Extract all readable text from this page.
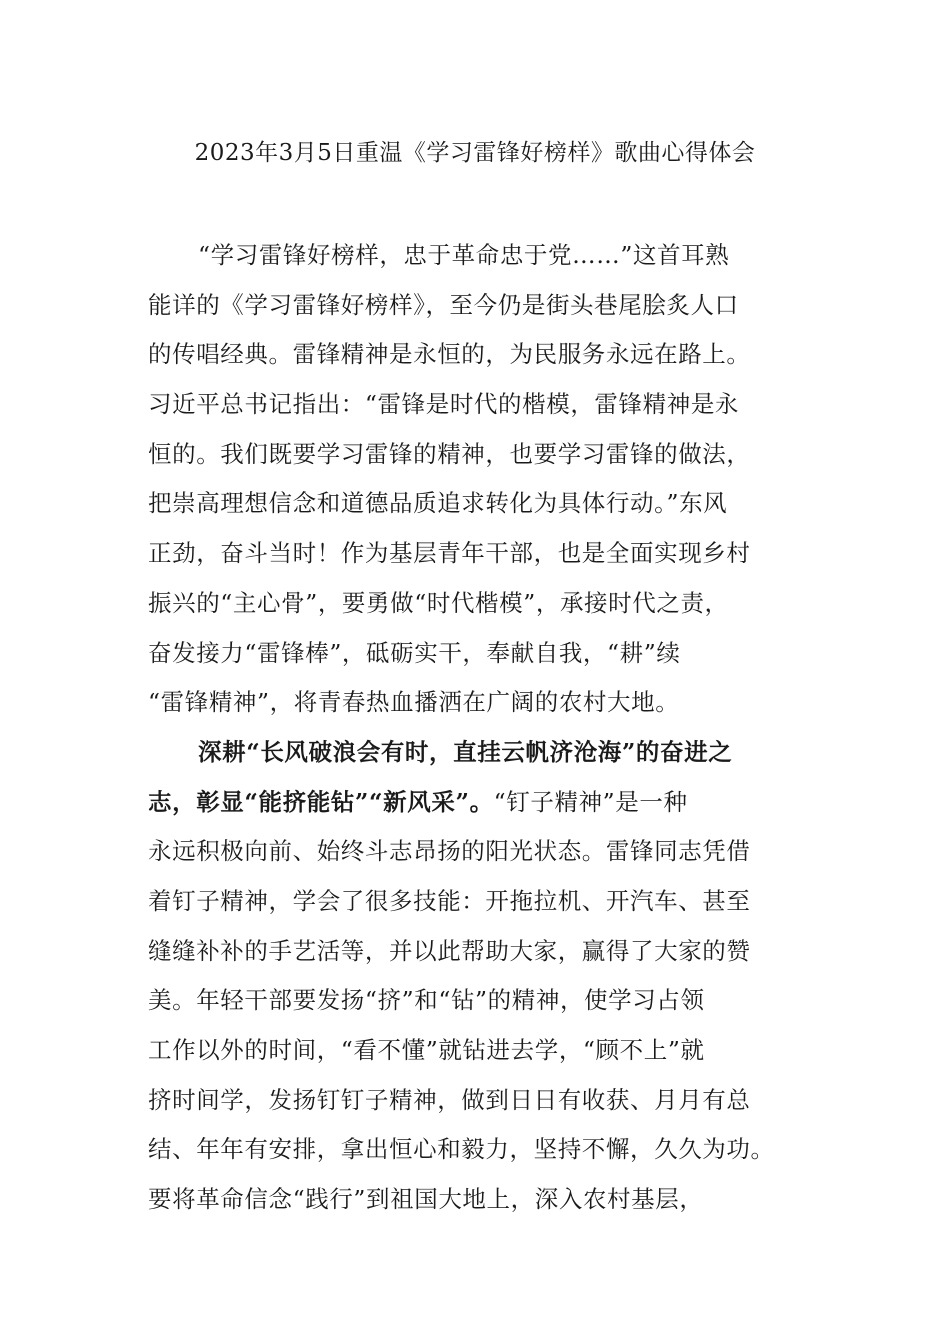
2023年3月5日重温《学习雷锋好榜样》歌曲心得体会
“学习雷锋好榜样，忠于革命忠于党……”这首耳熟
能详的《学习雷锋好榜样》，至今仍是街头巷尾脍炙人口
的传唱经典。雷锋精神是永恒的，为民服务永远在路上。
习近平总书记指出：“雷锋是时代的楷模，雷锋精神是永
恒的。我们既要学习雷锋的精神，也要学习雷锋的做法，
把崇高理想信念和道德品质追求转化为具体行动。”东风
正劲，奋斗当时！作为基层青年干部，也是全面实现乡村
振兴的“主心骨”，要勇做“时代楷模”，承接时代之责，
奋发接力“雷锋棒”，砥砺实干，奉献自我，“耕”续
“雷锋精神”，将青春热血播洒在广阔的农村大地。
深耕“长风破浪会有时，直挂云帆济沧海”的奋进之
志，彰显“能挤能钻”“新风采”。“钉子精神”是一种
永远积极向前、始终斗志昂扬的阳光状态。雷锋同志凭借
着钉子精神，学会了很多技能：开拖拉机、开汽车、甚至
缝缝补补的手艺活等，并以此帮助大家，赢得了大家的赞
美。年轻干部要发扬“挤”和“钻”的精神，使学习占领
工作以外的时间，“看不懂”就钻进去学，“顾不上”就
挤时间学，发扬钉钉子精神，做到日日有收获、月月有总
结、年年有安排，拿出恒心和毅力，坚持不懈，久久为功。
要将革命信念“践行”到祖国大地上，深入农村基层，
